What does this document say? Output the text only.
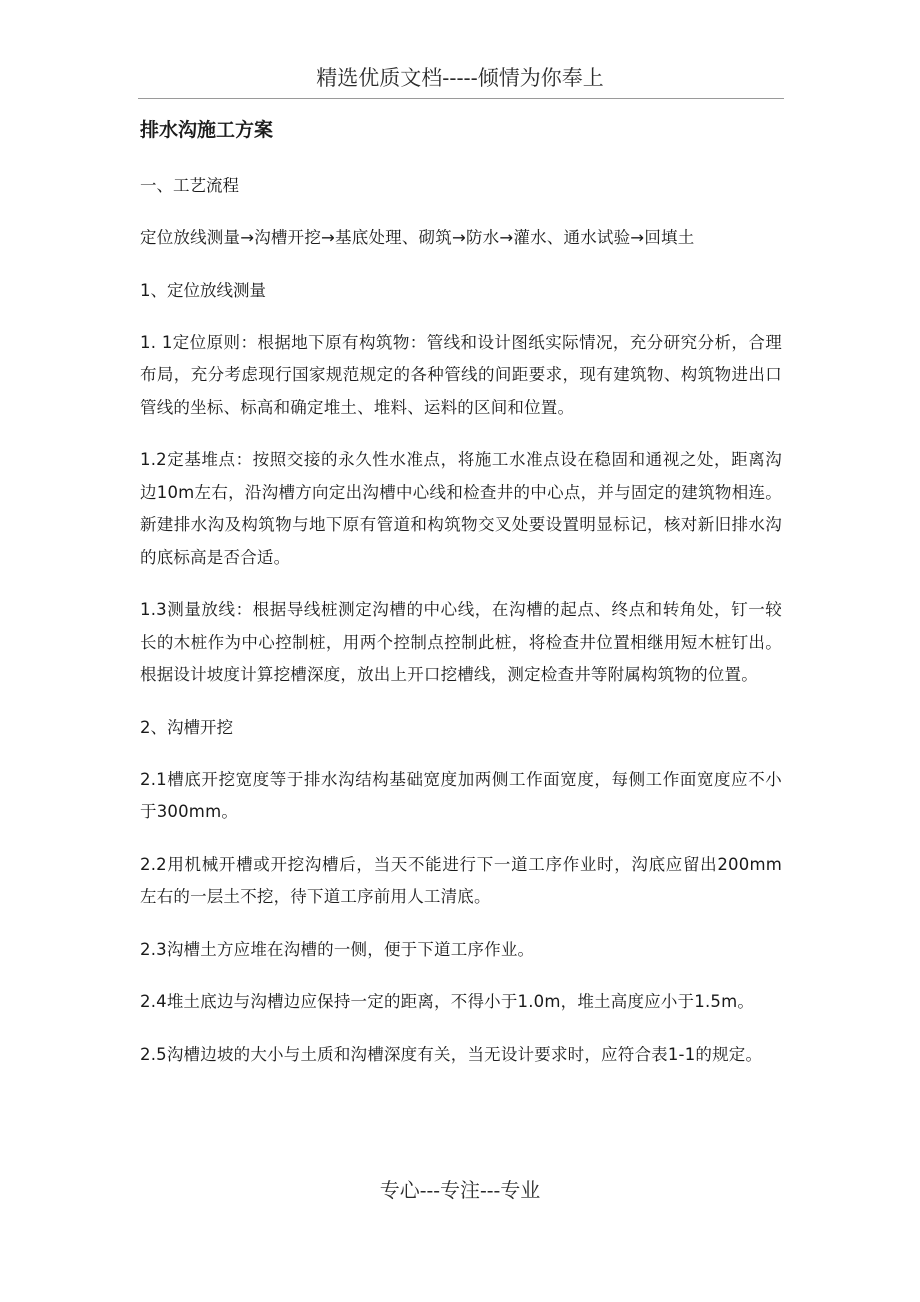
精选优质文档-----倾情为你奉上
排水沟施工方案

一、工艺流程

定位放线测量→沟槽开挖→基底处理、砌筑→防水→灌水、通水试验→回填土

1、定位放线测量

1. 1定位原则：根据地下原有构筑物：管线和设计图纸实际情况，充分研究分析，合理布局，充分考虑现行国家规范规定的各种管线的间距要求，现有建筑物、构筑物进出口管线的坐标、标高和确定堆土、堆料、运料的区间和位置。

1.2定基堆点：按照交接的永久性水准点，将施工水准点设在稳固和通视之处，距离沟边10m左右，沿沟槽方向定出沟槽中心线和检查井的中心点，并与固定的建筑物相连。新建排水沟及构筑物与地下原有管道和构筑物交叉处要设置明显标记，核对新旧排水沟的底标高是否合适。

1.3测量放线：根据导线桩测定沟槽的中心线，在沟槽的起点、终点和转角处，钉一较长的木桩作为中心控制桩，用两个控制点控制此桩，将检查井位置相继用短木桩钉出。根据设计坡度计算挖槽深度，放出上开口挖槽线，测定检查井等附属构筑物的位置。

2、沟槽开挖

2.1槽底开挖宽度等于排水沟结构基础宽度加两侧工作面宽度，每侧工作面宽度应不小于300mm。

2.2用机械开槽或开挖沟槽后，当天不能进行下一道工序作业时，沟底应留出200mm左右的一层土不挖，待下道工序前用人工清底。

2.3沟槽土方应堆在沟槽的一侧，便于下道工序作业。

2.4堆土底边与沟槽边应保持一定的距离，不得小于1.0m，堆土高度应小于1.5m。

2.5沟槽边坡的大小与土质和沟槽深度有关，当无设计要求时，应符合表1-1的规定。

专心---专注---专业
